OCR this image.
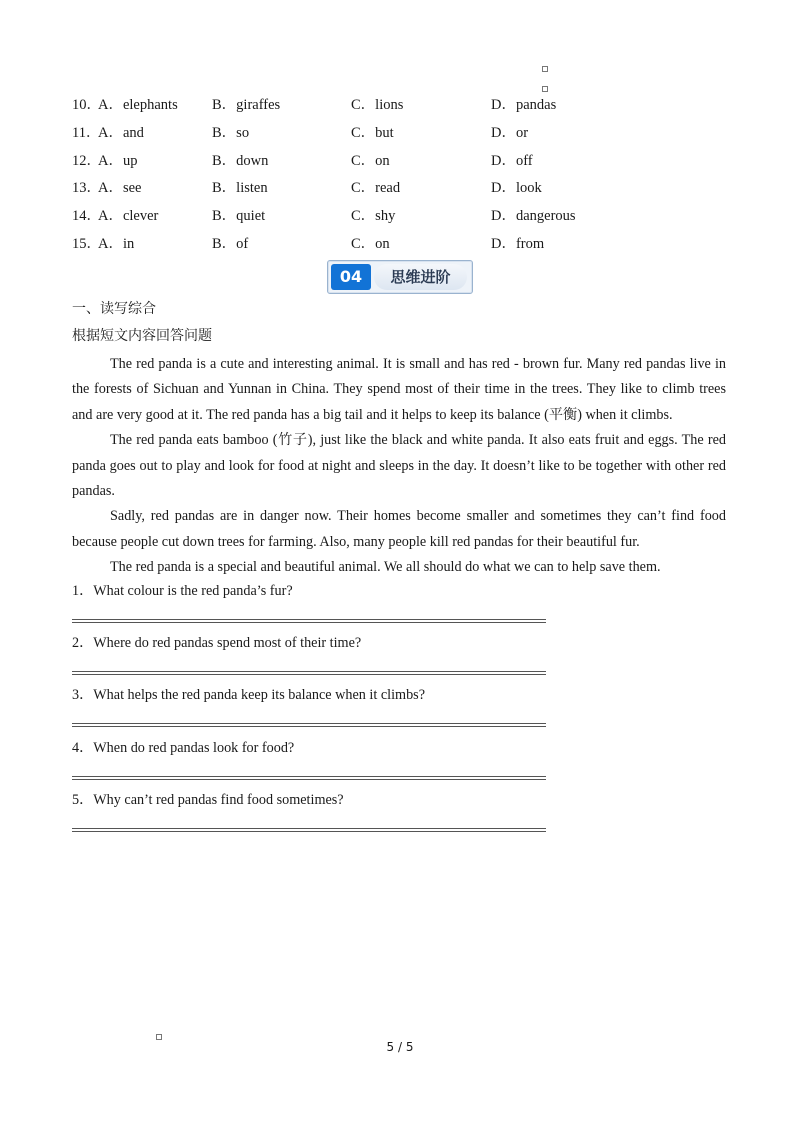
10．
A．elephants B．giraffes	C．lions	D．pandas
11．
A．and	B．so	C．but	D．or
12．
A．up	B．down	C．on	D．off
13．
A．see	B．listen	C．read	D．look
14．
A．clever	B．quiet	C．shy	D．dangerous
15．
A．in	B．of	C．on	D．from
04	思维进阶
一、读写综合
根据短文内容回答问题

The red panda is a cute and interesting animal. It is small and has red - brown fur. Many red pandas live in the forests of Sichuan and Yunnan in China. They spend most of their time in the trees. They like to climb trees and are very good at it. The red panda has a big tail and it helps to keep its balance (平衡) when it climbs.

The red panda eats bamboo (竹子), just like the black and white panda. It also eats fruit and eggs. The red panda goes out to play and look for food at night and sleeps in the day. It doesn’t like to be together with other red pandas.

Sadly, red pandas are in danger now. Their homes become smaller and sometimes they can’t find food because people cut down trees for farming. Also, many people kill red pandas for their beautiful fur.

The red panda is a special and beautiful animal. We all should do what we can to help save them.

1．What colour is the red panda’s fur?
2．Where do red pandas spend most of their time?
3．What helps the red panda keep its balance when it climbs?
4．When do red pandas look for food?
5．Why can’t red pandas find food sometimes?
5 / 5
